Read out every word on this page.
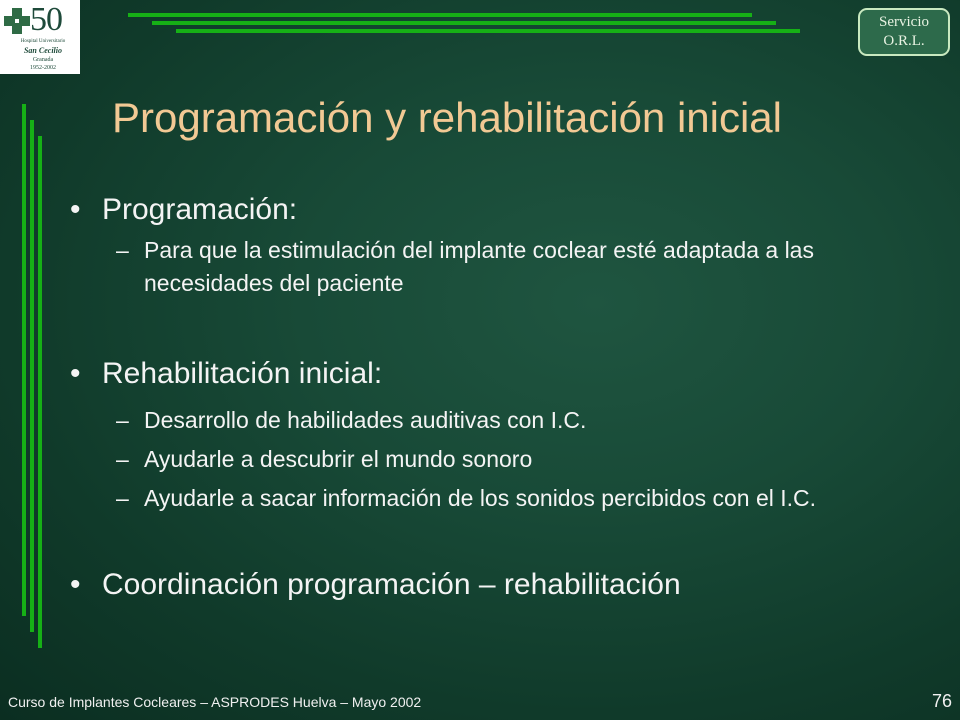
50
Hospital Universitario
San Cecilio
Granada
1952-2002
Servicio
O.R.L.
Programación y rehabilitación inicial
• Programación:
– Para que la estimulación del implante coclear esté adaptada a las necesidades del paciente
• Rehabilitación inicial:
– Desarrollo de habilidades auditivas con I.C.
– Ayudarle a descubrir el mundo sonoro
– Ayudarle a sacar información de los sonidos percibidos con el I.C.
• Coordinación programación – rehabilitación
Curso de Implantes Cocleares – ASPRODES Huelva – Mayo 2002	76
